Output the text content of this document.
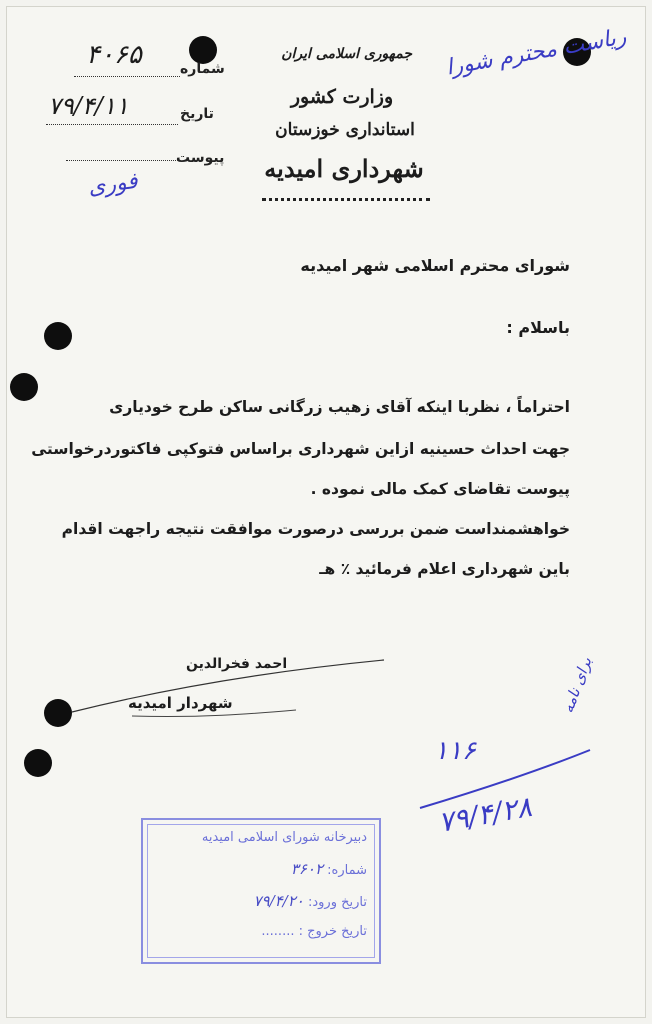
شماره
۴۰۶۵
تاریخ
۷۹/۴/۱۱
پیوست
فوری
جمهوری اسلامی ایران
وزارت کشور
استانداری خوزستان
شهرداری امیدیه
ریاست محترم شورا
شورای محترم اسلامی شهر امیدیه
باسلام :
احتراماً ، نظربا اینکه آقای زهیب زرگانی ساکن طرح خودیاری
جهت احداث حسینیه ازاین شهرداری براساس فتوکپی فاکتوردرخواستی
پیوست تقاضای کمک مالی نموده .
خواهشمنداست ضمن بررسی درصورت موافقت نتیجه راجهت اقدام
باین شهرداری اعلام فرمائید ٪ هـ
احمد فخرالدین
شهردار امیدیه	برای نامه
۱۱۶
۷۹/۴/۲۸
دبیرخانه شورای اسلامی امیدیه
شماره: ۳۶۰۲
تاریخ ورود: ۷۹/۴/۲۰
تاریخ خروج : ........
